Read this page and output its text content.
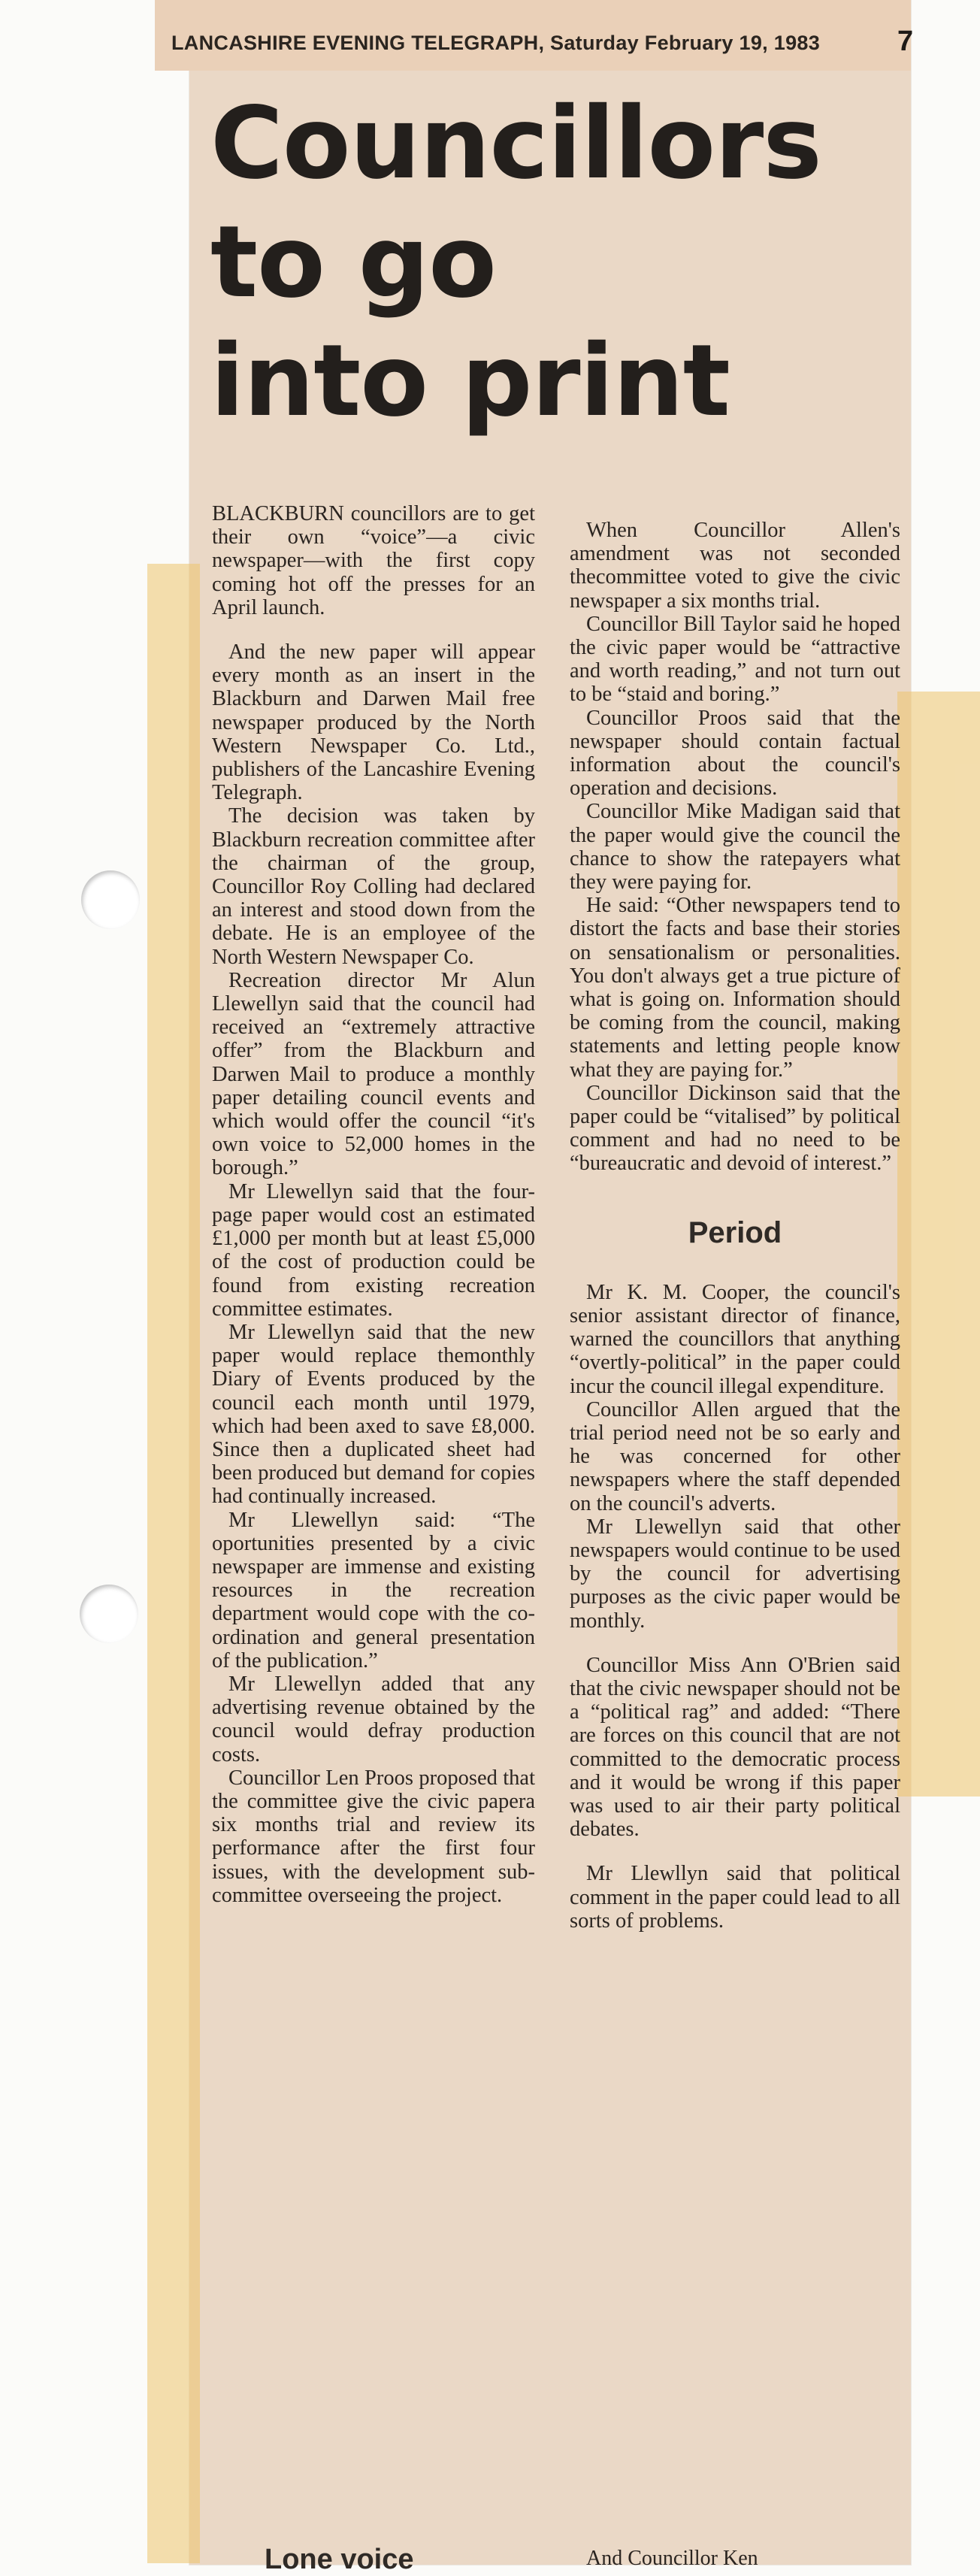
LANCASHIRE EVENING TELEGRAPH, Saturday February 19, 1983	7
Councillors
to go
into print

BLACKBURN councillors are to get their own “voice”—a civic newspaper—with the first copy coming hot off the presses for an April launch.

And the new paper will appear every month as an insert in the Blackburn and Darwen Mail free newspaper produced by the North Western Newspaper Co. Ltd., publishers of the Lancashire Evening Telegraph.

The decision was taken by Blackburn recreation committee after the chairman of the group, Councillor Roy Colling had declared an interest and stood down from the debate. He is an employee of the North Western Newspaper Co.

Recreation director Mr Alun Llewellyn said that the council had received an “extremely attractive offer” from the Blackburn and Darwen Mail to produce a monthly paper detailing council events and which would offer the council “it's own voice to 52,000 homes in the borough.”

Mr Llewellyn said that the four-page paper would cost an estimated £1,000 per month but at least £5,000 of the cost of production could be found from existing recreation committee estimates.

Mr Llewellyn said that the new paper would replace themonthly Diary of Events produced by the council each month until 1979, which had been axed to save £8,000. Since then a duplicated sheet had been produced but demand for copies had continually increased.

Mr Llewellyn said: “The oportunities presented by a civic newspaper are immense and existing resources in the recreation department would cope with the co-ordination and general presentation of the publication.”

Mr Llewellyn added that any advertising revenue obtained by the council would defray production costs.

Councillor Len Proos proposed that the committee give the civic papera six months trial and review its performance after the first four issues, with the development sub-committee overseeing the project.

When Councillor Allen's amendment was not seconded thecommittee voted to give the civic newspaper a six months trial.

Councillor Bill Taylor said he hoped the civic paper would be “attractive and worth reading,” and not turn out to be “staid and boring.”

Councillor Proos said that the newspaper should contain factual information about the council's operation and decisions.

Councillor Mike Madigan said that the paper would give the council the chance to show the ratepayers what they were paying for.

He said: “Other newspapers tend to distort the facts and base their stories on sensationalism or personalities. You don't always get a true picture of what is going on. Information should be coming from the council, making statements and letting people know what they are paying for.”

Councillor Dickinson said that the paper could be “vitalised” by political comment and had no need to be “bureaucratic and devoid of interest.”

Period

Mr K. M. Cooper, the council's senior assistant director of finance, warned the councillors that anything “overtly-political” in the paper could incur the council illegal expenditure.

Councillor Allen argued that the trial period need not be so early and he was concerned for other newspapers where the staff depended on the council's adverts.

Mr Llewellyn said that other newspapers would continue to be used by the council for advertising purposes as the civic paper would be monthly.

Councillor Miss Ann O'Brien said that the civic newspaper should not be a “political rag” and added: “There are forces on this council that are not committed to the democratic process and it would be wrong if this paper was used to air their party political debates.

Mr Llewllyn said that political comment in the paper could lead to all sorts of problems.

Lone voice	And Councillor Ken
